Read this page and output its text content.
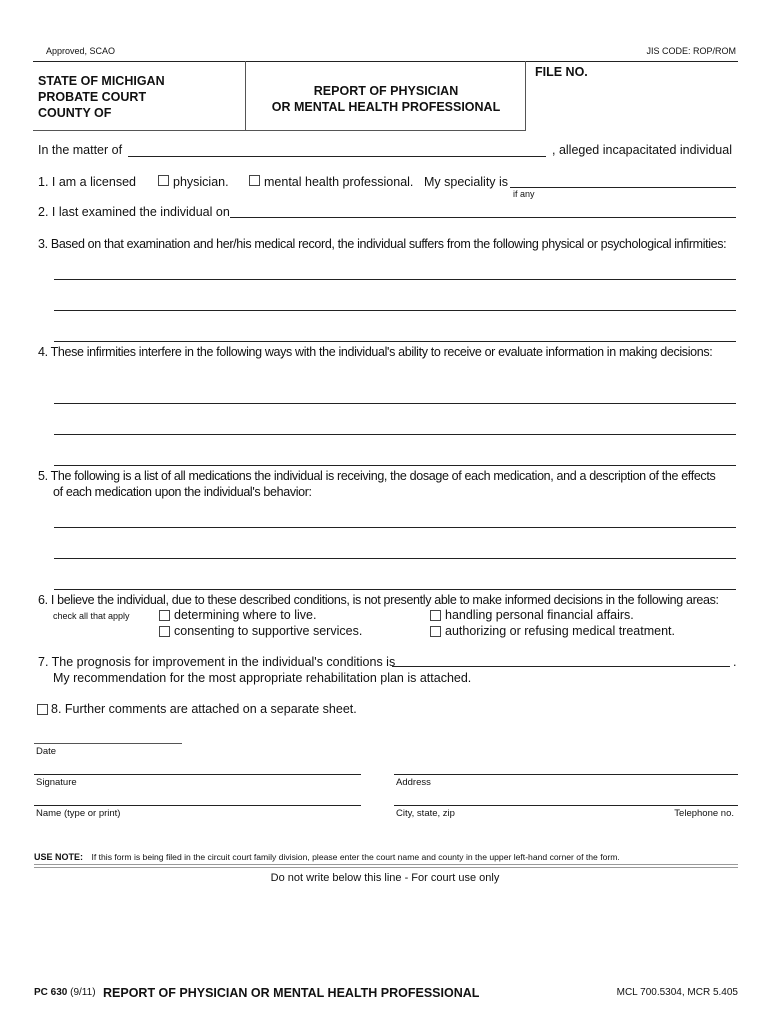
Approved, SCAO	JIS CODE: ROP/ROM
STATE OF MICHIGAN
PROBATE COURT
COUNTY OF
REPORT OF PHYSICIAN
OR MENTAL HEALTH PROFESSIONAL
FILE NO.
In the matter of	, alleged incapacitated individual
1. I am a licensed	physician.	mental health professional. My speciality is
if any
2. I last examined the individual on
3. Based on that examination and her/his medical record, the individual suffers from the following physical or psychological infirmities:
4. These infirmities interfere in the following ways with the individual's ability to receive or evaluate information in making decisions:
5. The following is a list of all medications the individual is receiving, the dosage of each medication, and a description of the effects
of each medication upon the individual's behavior:
6. I believe the individual, due to these described conditions, is not presently able to make informed decisions in the following areas:
check all that apply	determining where to live.	handling personal financial affairs.
consenting to supportive services.	authorizing or refusing medical treatment.
7. The prognosis for improvement in the individual's conditions is	.
My recommendation for the most appropriate rehabilitation plan is attached.
8. Further comments are attached on a separate sheet.
Date
Signature	Address
Name (type or print)	City, state, zip	Telephone no.
USE NOTE: If this form is being filed in the circuit court family division, please enter the court name and county in the upper left-hand corner of the form.
Do not write below this line - For court use only
PC 630 (9/11) REPORT OF PHYSICIAN OR MENTAL HEALTH PROFESSIONAL	MCL 700.5304, MCR 5.405
